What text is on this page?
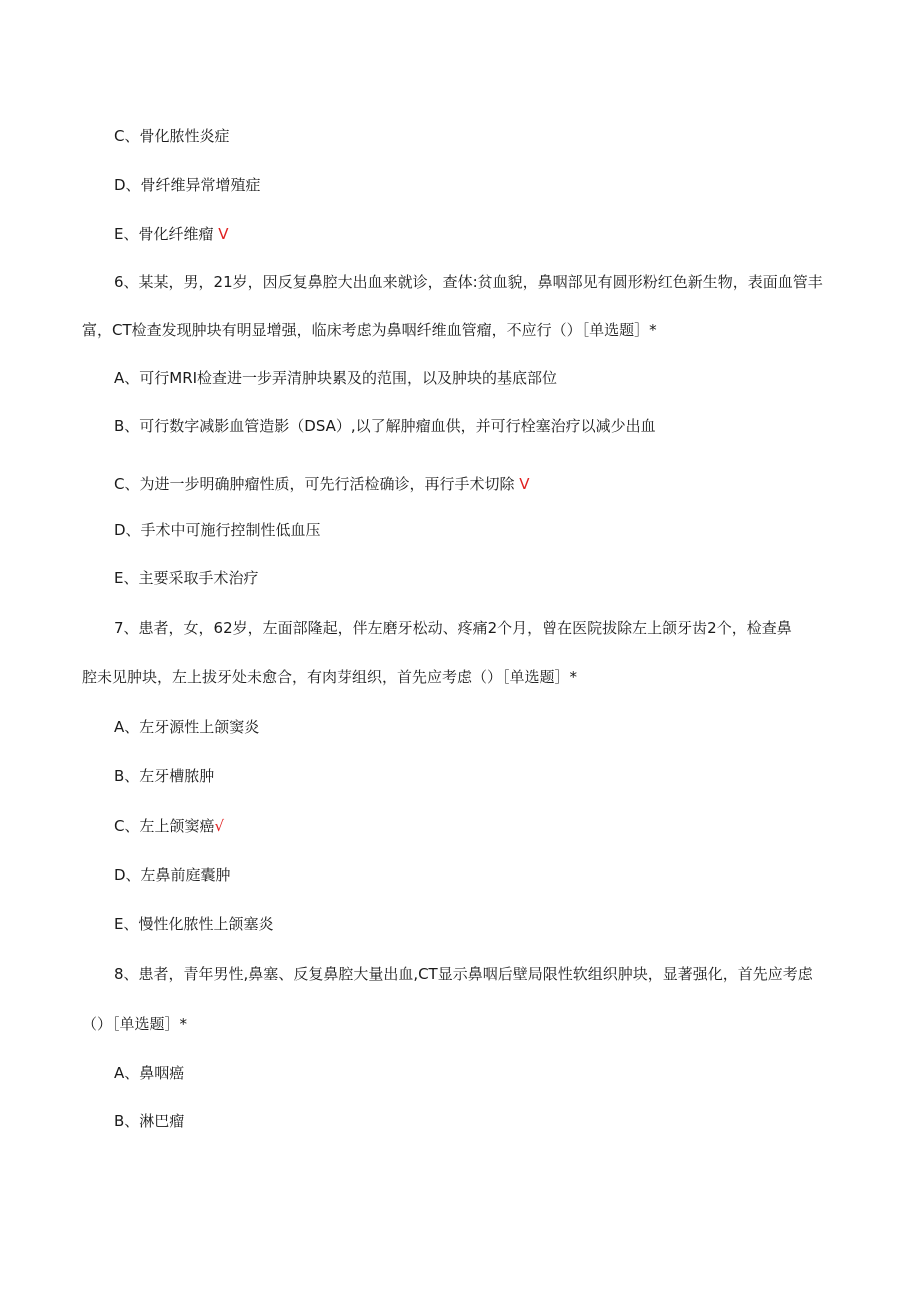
C、骨化脓性炎症

D、骨纤维异常增殖症

E、骨化纤维瘤 V

6、某某，男，21岁，因反复鼻腔大出血来就诊，查体:贫血貌，鼻咽部见有圆形粉红色新生物，表面血管丰

富，CT检查发现肿块有明显增强，临床考虑为鼻咽纤维血管瘤，不应行（）［单选题］*

A、可行MRI检查进一步弄清肿块累及的范围，以及肿块的基底部位

B、可行数字减影血管造影（DSA）,以了解肿瘤血供，并可行栓塞治疗以减少出血

C、为进一步明确肿瘤性质，可先行活检确诊，再行手术切除 V

D、手术中可施行控制性低血压

E、主要采取手术治疗

7、患者，女，62岁，左面部隆起，伴左磨牙松动、疼痛2个月，曾在医院拔除左上颌牙齿2个，检查鼻

腔未见肿块，左上拔牙处未愈合，有肉芽组织，首先应考虑（）［单选题］*

A、左牙源性上颌窦炎

B、左牙槽脓肿

C、左上颌窦癌√

D、左鼻前庭囊肿

E、慢性化脓性上颌塞炎

8、患者，青年男性,鼻塞、反复鼻腔大量出血,CT显示鼻咽后壁局限性软组织肿块，显著强化，首先应考虑

（）［单选题］*

A、鼻咽癌

B、淋巴瘤
